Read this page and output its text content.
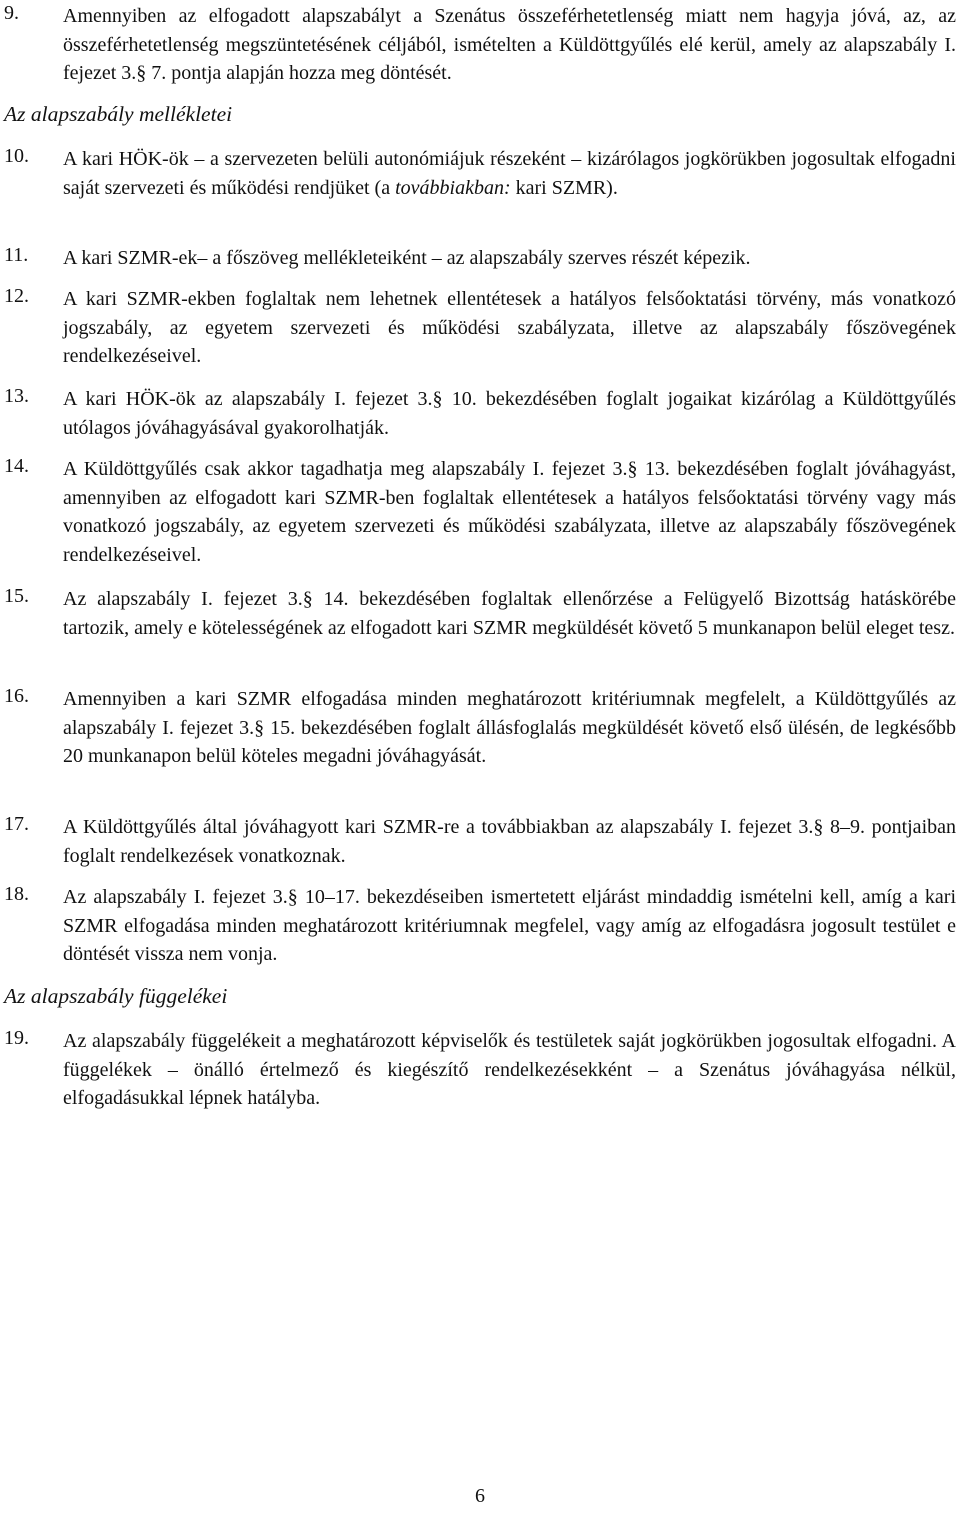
9.	Amennyiben az elfogadott alapszabályt a Szenátus összeférhetetlenség miatt nem hagyja jóvá, az, az összeférhetetlenség megszüntetésének céljából, ismételten a Küldöttgyűlés elé kerül, amely az alapszabály I. fejezet 3.§ 7. pontja alapján hozza meg döntését.
Az alapszabály mellékletei
10.	A kari HÖK-ök – a szervezeten belüli autonómiájuk részeként – kizárólagos jogkörükben jogosultak elfogadni saját szervezeti és működési rendjüket (a továbbiakban: kari SZMR).
11.	A kari SZMR-ek– a főszöveg mellékleteiként – az alapszabály szerves részét képezik.
12.	A kari SZMR-ekben foglaltak nem lehetnek ellentétesek a hatályos felsőoktatási törvény, más vonatkozó jogszabály, az egyetem szervezeti és működési szabályzata, illetve az alapszabály főszövegének rendelkezéseivel.
13.	A kari HÖK-ök az alapszabály I. fejezet 3.§ 10. bekezdésében foglalt jogaikat kizárólag a Küldöttgyűlés utólagos jóváhagyásával gyakorolhatják.
14.	A Küldöttgyűlés csak akkor tagadhatja meg alapszabály I. fejezet 3.§ 13. bekezdésében foglalt jóváhagyást, amennyiben az elfogadott kari SZMR-ben foglaltak ellentétesek a hatályos felsőoktatási törvény vagy más vonatkozó jogszabály, az egyetem szervezeti és működési szabályzata, illetve az alapszabály főszövegének rendelkezéseivel.
15.	Az alapszabály I. fejezet 3.§ 14. bekezdésében foglaltak ellenőrzése a Felügyelő Bizottság hatáskörébe tartozik, amely e kötelességének az elfogadott kari SZMR megküldését követő 5 munkanapon belül eleget tesz.
16.	Amennyiben a kari SZMR elfogadása minden meghatározott kritériumnak megfelelt, a Küldöttgyűlés az alapszabály I. fejezet 3.§ 15. bekezdésében foglalt állásfoglalás megküldését követő első ülésén, de legkésőbb 20 munkanapon belül köteles megadni jóváhagyását.
17.	A Küldöttgyűlés által jóváhagyott kari SZMR-re a továbbiakban az alapszabály I. fejezet 3.§ 8–9. pontjaiban foglalt rendelkezések vonatkoznak.
18.	Az alapszabály I. fejezet 3.§ 10–17. bekezdéseiben ismertetett eljárást mindaddig ismételni kell, amíg a kari SZMR elfogadása minden meghatározott kritériumnak megfelel, vagy amíg az elfogadásra jogosult testület e döntését vissza nem vonja.
Az alapszabály függelékei
19.	Az alapszabály függelékeit a meghatározott képviselők és testületek saját jogkörükben jogosultak elfogadni. A függelékek – önálló értelmező és kiegészítő rendelkezésekként – a Szenátus jóváhagyása nélkül, elfogadásukkal lépnek hatályba.
6
